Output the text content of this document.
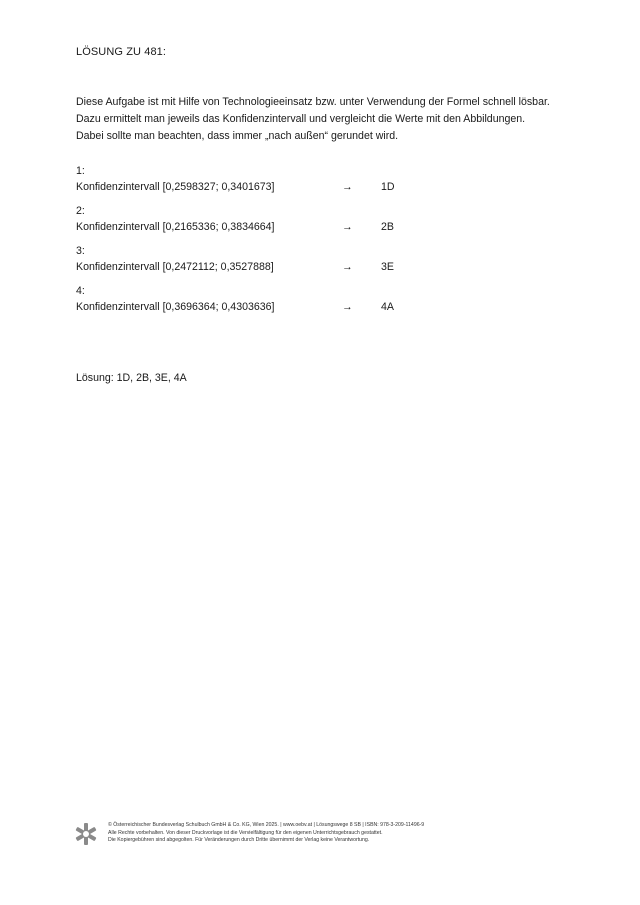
LÖSUNG ZU 481:
Diese Aufgabe ist mit Hilfe von Technologieeinsatz bzw. unter Verwendung der Formel schnell lösbar.
Dazu ermittelt man jeweils das Konfidenzintervall und vergleicht die Werte mit den Abbildungen.
Dabei sollte man beachten, dass immer „nach außen“ gerundet wird.
1:
Konfidenzintervall [0,2598327; 0,3401673]	→	1D
2:
Konfidenzintervall [0,2165336; 0,3834664]	→	2B
3:
Konfidenzintervall [0,2472112; 0,3527888]	→	3E
4:
Konfidenzintervall [0,3696364; 0,4303636]	→	4A
Lösung: 1D, 2B, 3E, 4A
© Österreichischer Bundesverlag Schulbuch GmbH & Co. KG, Wien 2025. | www.oebv.at | Lösungswege 8 SB | ISBN: 978-3-209-11496-9
Alle Rechte vorbehalten. Von dieser Druckvorlage ist die Vervielfältigung für den eigenen Unterrichtsgebrauch gestattet.
Die Kopiergebühren sind abgegolten. Für Veränderungen durch Dritte übernimmt der Verlag keine Verantwortung.
